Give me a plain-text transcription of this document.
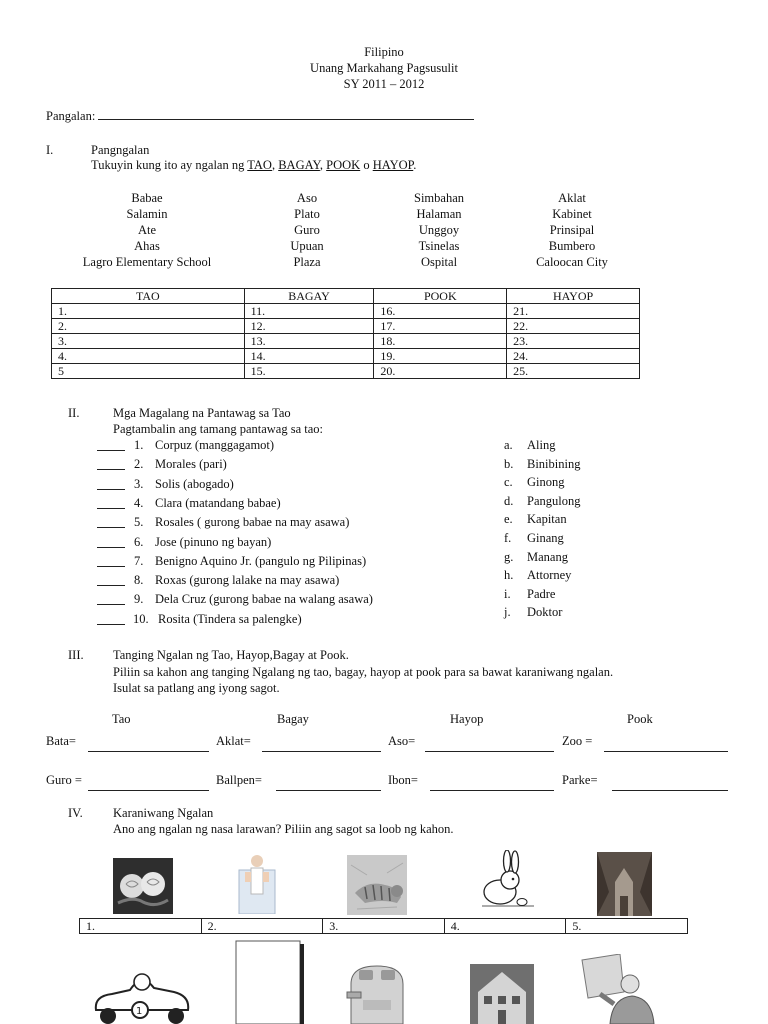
Filipino
Unang Markahang Pagsusulit
SY 2011 – 2012
Pangalan:
I.	Pangngalan
Tukuyin kung ito ay ngalan ng TAO, BAGAY, POOK o HAYOP.
Babae	Aso	Simbahan	Aklat
Salamin	Plato	Halaman	Kabinet
Ate	Guro	Unggoy	Prinsipal
Ahas	Upuan	Tsinelas	Bumbero
Lagro Elementary School	Plaza	Ospital	Caloocan City
TAO	BAGAY	POOK	HAYOP
1.	11.	16.	21.
2.	12.	17.	22.
3.	13.	18.	23.
4.	14.	19.	24.
5	15.	20.	25.
II.	Mga Magalang na Pantawag sa Tao
Pagtambalin ang tamang pantawag sa tao:
1. Corpuz (manggagamot)
2. Morales (pari)
3. Solis (abogado)
4. Clara (matandang babae)
5. Rosales ( gurong babae na may asawa)
6. Jose (pinuno ng bayan)
7. Benigno Aquino Jr. (pangulo ng Pilipinas)
8. Roxas (gurong lalake na may asawa)
9. Dela Cruz (gurong babae na walang asawa)
10. Rosita (Tindera sa palengke)
a. Aling
b. Binibining
c. Ginong
d. Pangulong
e. Kapitan
f. Ginang
g. Manang
h. Attorney
i. Padre
j. Doktor
III. Tanging Ngalan ng Tao, Hayop,Bagay at Pook.
Piliin sa kahon ang tanging Ngalang ng tao, bagay, hayop at pook para sa bawat karaniwang ngalan.
Isulat sa patlang ang iyong sagot.
Tao	Bagay	Hayop	Pook
Bata=	Aklat=	Aso=	Zoo =
Guro =	Ballpen=	Ibon=	Parke=
IV. Karaniwang Ngalan
Ano ang ngalan ng nasa larawan? Piliin ang sagot sa loob ng kahon.
1.	2.	3.	4.	5.
1
